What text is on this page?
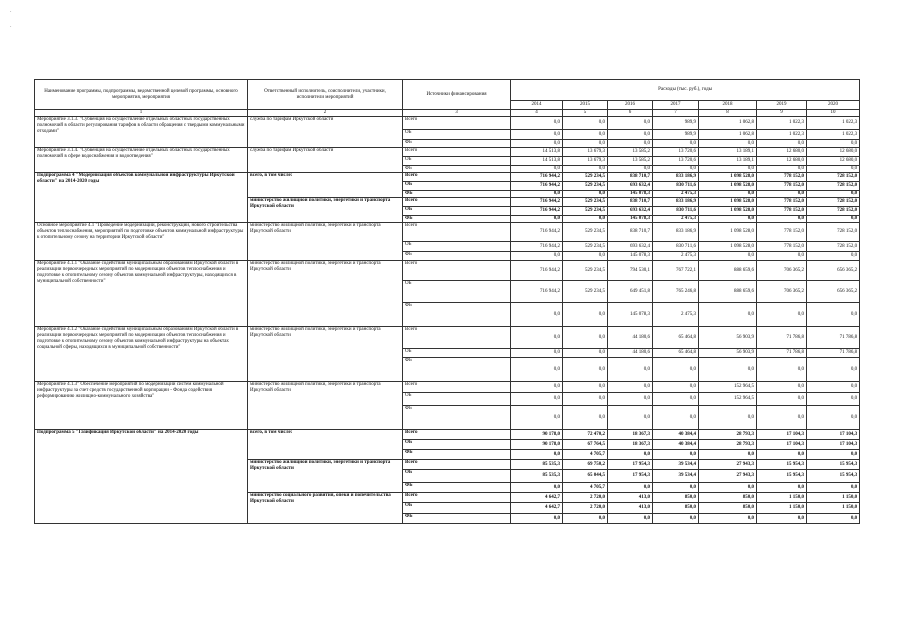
.
.
Наименование программы, подпрограммы, ведомственной целевой программы, основного мероприятия, мероприятия	Ответственный исполнитель, соисполнители, участники, исполнители мероприятий	Источники финансирования	Расходы (тыс. руб.), годы						
			2014	2015	2016	2017	2018	2019	2020
1	2	3	4	5	6	7	8	9	10
Мероприятие 3.1.3. "Субвенция на осуществление отдельных областных государственных полномочий в области регулирования тарифов в области обращения с твердыми коммунальными отходами"	служба по тарифам Иркутской области	Всего	0,0	0,0	0,0	989,9	1 062,8	1 022,3	1 022,3
		ОБ	0,0	0,0	0,0	989,9	1 062,8	1 022,3	1 022,3
		ФБ	0,0	0,0	0,0	0,0	0,0	0,0	0,0
Мероприятие 3.1.4. "Субвенция на осуществление отдельных областных государственных полномочий в сфере водоснабжения и водоотведения"	служба по тарифам Иркутской области	Всего	14 513,8	13 679,3	13 585,2	13 720,6	13 189,1	12 680,0	12 680,0
		ОБ	14 513,8	13 679,3	13 585,2	13 720,6	13 189,1	12 680,0	12 680,0
		ФБ	0,0	0,0	0,0	0,0	0,0	0,0	0,0
Подпрограмма 4 "Модернизация объектов коммунальной инфраструктуры Иркутской области" на 2014-2020 годы	всего, в том числе:	Всего	716 944,2	529 234,5	838 710,7	833 186,9	1 098 528,0	778 152,0	728 152,0
		ОБ	716 944,2	529 234,5	693 632,4	830 711,6	1 098 528,0	778 152,0	728 152,0
		ФБ	0,0	0,0	145 078,3	2 475,3	0,0	0,0	0,0
	министерство жилищной политики, энергетики и транспорта Иркутской области	Всего	716 944,2	529 234,5	838 710,7	833 186,9	1 098 528,0	778 152,0	728 152,0
		ОБ	716 944,2	529 234,5	693 632,4	830 711,6	1 098 528,0	778 152,0	728 152,0
		ФБ	0,0	0,0	145 078,3	2 475,3	0,0	0,0	0,0
Основное мероприятие 4.1 "Проведение модернизации, реконструкции, нового строительства объектов теплоснабжения, мероприятий по подготовке объектов коммунальной инфраструктуры к отопительному сезону на территории Иркутской области"	министерство жилищной политики, энергетики и транспорта Иркутской области	Всего	716 944,2	529 234,5	838 710,7	833 186,9	1 098 528,0	778 152,0	728 152,0
		ОБ	716 944,2	529 234,5	693 632,4	830 711,6	1 098 528,0	778 152,0	728 152,0
		ФБ	0,0	0,0	145 078,3	2 475,3	0,0	0,0	0,0
Мероприятие 4.1.1 "Оказание содействия муниципальным образованиям Иркутской области в реализации первоочередных мероприятий по модернизации объектов теплоснабжения и подготовке к отопительному сезону объектов коммунальной инфраструктуры, находящихся в муниципальной собственности"	министерство жилищной политики, энергетики и транспорта Иркутской области	Всего	716 944,2	529 234,5	794 530,1	767 722,1	888 659,6	706 365,2	656 365,2
		ОБ	716 944,2	529 234,5	649 451,8	765 246,8	888 659,6	706 365,2	656 365,2
		ФБ	0,0	0,0	145 078,3	2 475,3	0,0	0,0	0,0
Мероприятие 4.1.2 "Оказание содействия муниципальным образованиям Иркутской области в реализации первоочередных мероприятий по модернизации объектов теплоснабжения и подготовке к отопительному сезону объектов коммунальной инфраструктуры на объектах социальной сферы, находящихся в муниципальной собственности"	министерство жилищной политики, энергетики и транспорта Иркутской области	Всего	0,0	0,0	44 180,6	65 464,8	56 903,9	71 786,8	71 786,8
		ОБ	0,0	0,0	44 180,6	65 464,8	56 903,9	71 786,8	71 786,8
		ФБ	0,0	0,0	0,0	0,0	0,0	0,0	0,0
Мероприятие 4.1.3" Обеспечение мероприятий по модернизации систем коммунальной инфраструктуры за счет средств государственной корпорации - Фонда содействия реформированию жилищно-коммунального хозяйства"	министерство жилищной политики, энергетики и транспорта Иркутской области	Всего	0,0	0,0	0,0	0,0	152 964,5	0,0	0,0
		ОБ	0,0	0,0	0,0	0,0	152 964,5	0,0	0,0
		ФБ	0,0	0,0	0,0	0,0	0,0	0,0	0,0
Подпрограмма 5 "Газификация Иркутской области" на 2014-2020 годы	всего, в том числе:	Всего	90 178,0	72 470,2	18 367,3	40 384,4	28 793,3	17 104,3	17 104,3
		ОБ	90 178,0	67 764,5	18 367,3	40 384,4	28 793,3	17 104,3	17 104,3
		ФБ	0,0	4 705,7	0,0	0,0	0,0	0,0	0,0
	министерство жилищной политики, энергетики и транспорта Иркутской области	Всего	85 535,3	69 750,2	17 954,3	39 534,4	27 943,3	15 954,3	15 954,3
		ОБ	85 535,3	65 044,5	17 954,3	39 534,4	27 943,3	15 954,3	15 954,3
		ФБ	0,0	4 705,7	0,0	0,0	0,0	0,0	0,0
	министерство социального развития, опеки и попечительства Иркутской области	Всего	4 642,7	2 720,0	413,0	850,0	850,0	1 150,0	1 150,0
		ОБ	4 642,7	2 720,0	413,0	850,0	850,0	1 150,0	1 150,0
		ФБ	0,0	0,0	0,0	0,0	0,0	0,0	0,0
